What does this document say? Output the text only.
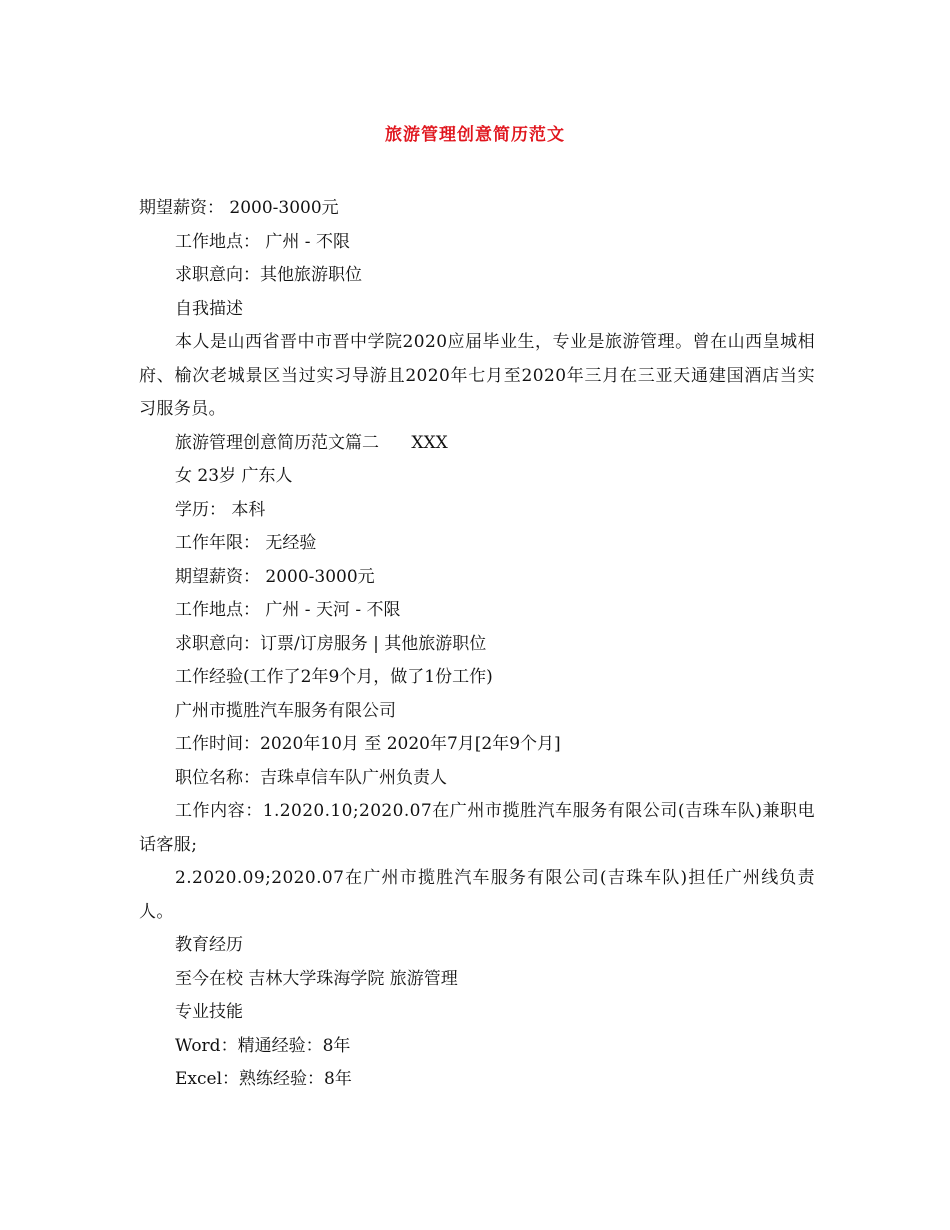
旅游管理创意简历范文

期望薪资： 2000-3000元

工作地点： 广州 - 不限

求职意向：其他旅游职位

自我描述

本人是山西省晋中市晋中学院2020应届毕业生，专业是旅游管理。曾在山西皇城相府、榆次老城景区当过实习导游且2020年七月至2020年三月在三亚天通建国酒店当实习服务员。

旅游管理创意简历范文篇二      XXX

女 23岁 广东人

学历： 本科

工作年限： 无经验

期望薪资： 2000-3000元

工作地点： 广州 - 天河 - 不限

求职意向：订票/订房服务 | 其他旅游职位

工作经验(工作了2年9个月，做了1份工作)

广州市揽胜汽车服务有限公司

工作时间：2020年10月 至 2020年7月[2年9个月]

职位名称：吉珠卓信车队广州负责人

工作内容：1.2020.10;2020.07在广州市揽胜汽车服务有限公司(吉珠车队)兼职电话客服;

2.2020.09;2020.07在广州市揽胜汽车服务有限公司(吉珠车队)担任广州线负责人。

教育经历

至今在校 吉林大学珠海学院 旅游管理

专业技能

Word：精通经验：8年

Excel：熟练经验：8年
